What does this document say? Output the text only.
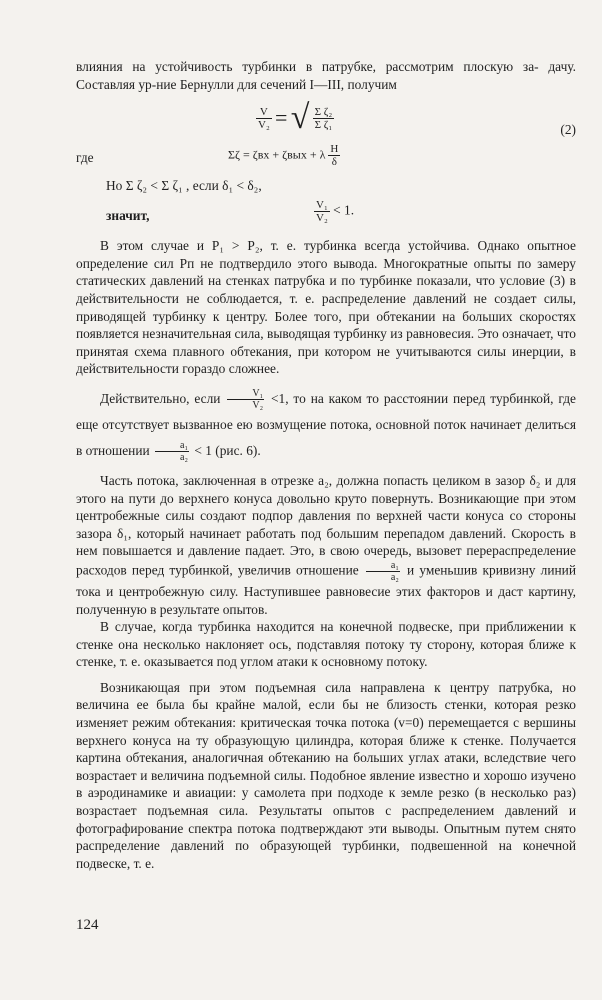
влияния на устойчивость турбинки в патрубке, рассмотрим плоскую за- дачу. Составляя ур-ние Бернулли для сечений I—III, получим

$\frac{V}{\text{V₂}}$ = √ $\frac{\text{Σ ζ₂}}{\text{Σ ζ₁}}$	(2)
где	Σζ = ζвх + ζвых + λ $\frac{H}{\delta}$
Но Σ ζ₂ < Σ ζ₁ , если δ₁ < δ₂,
значит,	$\frac{\text{V₁}}{\text{V₂}} < 1$.

В этом случае и P₁ > P₂, т. е. турбинка всегда устойчива. Однако опытное определение сил Pп не подтвердило этого вывода. Многократные опыты по замеру статических давлений на стенках патрубка и по турбинке показали, что условие (3) в действительности не соблюдается, т. е. распределение давлений не создает силы, приводящей турбинку к центру. Более того, при обтекании на больших скоростях появляется незначительная сила, выводящая турбинку из равновесия. Это означает, что принятая схема плавного обтекания, при котором не учитываются силы инерции, в действительности гораздо сложнее.

Действительно, если $\frac{\text{V₁}}{\text{V₂}} <1$, то на каком то расстоянии перед турбинкой, где еще отсутствует вызванное ею возмущение потока, основной поток начинает делиться в отношении $\frac{\text{a₁}}{\text{a₂}} < 1$ (рис. 6).

Часть потока, заключенная в отрезке a₂, должна попасть целиком в зазор δ₂ и для этого на пути до верхнего конуса довольно круто повернуть. Возникающие при этом центробежные силы создают подпор давления по верхней части конуса со стороны зазора δ₁, который начинает работать под большим перепадом давлений. Скорость в нем повышается и давление падает. Это, в свою очередь, вызовет перераспределение расходов перед турбинкой, увеличив отношение $\frac{\text{a₁}}{\text{a₂}}$ и уменьшив кривизну линий тока и центробежную силу. Наступившее равновесие этих факторов и даст картину, полученную в результате опытов.

В случае, когда турбинка находится на конечной подвеске, при приближении к стенке она несколько наклоняет ось, подставляя потоку ту сторону, которая ближе к стенке, т. е. оказывается под углом атаки к основному потоку.

Возникающая при этом подъемная сила направлена к центру патрубка, но величина ее была бы крайне малой, если бы не близость стенки, которая резко изменяет режим обтекания: критическая точка потока (v=0) перемещается с вершины верхнего конуса на ту образующую цилиндра, которая ближе к стенке. Получается картина обтекания, аналогичная обтеканию на больших углах атаки, вследствие чего возрастает и величина подъемной силы. Подобное явление известно и хорошо изучено в аэродинамике и авиации: у самолета при подходе к земле резко (в несколько раз) возрастает подъемная сила. Результаты опытов с распределением давлений и фотографирование спектра потока подтверждают эти выводы. Опытным путем снято распределение давлений по образующей турбинки, подвешенной на конечной подвеске, т. е.

124
